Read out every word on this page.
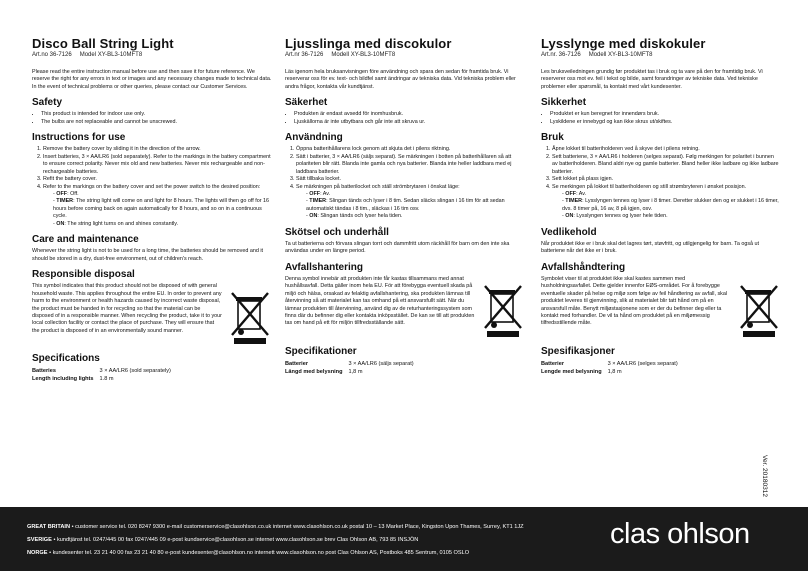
Disco Ball String Light
Art.no 36-7126 Model XY-BL3-10MFT8

Please read the entire instruction manual before use and then save it for future reference. We reserve the right for any errors in text or images and any necessary changes made to technical data. In the event of technical problems or other queries, please contact our Customer Services.

Safety
• This product is intended for indoor use only.
• The bulbs are not replaceable and cannot be unscrewed.
Instructions for use
1. Remove the battery cover by sliding it in the direction of the arrow.
2. Insert batteries, 3 × AA/LR6 (sold separately). Refer to the markings in the battery compartment to ensure correct polarity. Never mix old and new batteries. Never mix rechargeable and non-rechargeable batteries.
3. Refit the battery cover.
4. Refer to the markings on the battery cover and set the power switch to the desired position:
- OFF: Off.
- TIMER: The string light will come on and light for 8 hours. The lights will then go off for 16 hours before coming back on again automatically for 8 hours, and so on in a continuous cycle.
- ON: The string light turns on and shines constantly.
Care and maintenance

Whenever the string light is not to be used for a long time, the batteries should be removed and it should be stored in a dry, dust-free environment, out of children's reach.

Responsible disposal

This symbol indicates that this product should not be disposed of with general household waste. This applies throughout the entire EU. In order to prevent any harm to the environment or health hazards caused by incorrect waste disposal, the product must be handed in for recycling so that the material can be disposed of in a responsible manner. When recycling the product, take it to your local collection facility or contact the place of purchase. They will ensure that the product is disposed of in an environmentally sound manner.

Specifications
Batteries	3 × AA/LR6 (sold separately)
Length including lights	1.8 m
Ljusslinga med discokulor
Art.nr 36-7126 Modell XY-BL3-10MFT8

Läs igenom hela bruksanvisningen före användning och spara den sedan för framtida bruk. Vi reserverar oss för ev. text- och bildfel samt ändringar av tekniska data. Vid tekniska problem eller andra frågor, kontakta vår kundtjänst.

Säkerhet
• Produkten är endast avsedd för inomhusbruk.
• Ljuskällorna är inte utbytbara och går inte att skruva ur.
Användning
1. Öppna batterihållarens lock genom att skjuta det i pilens riktning.
2. Sätt i batterier, 3 × AA/LR6 (säljs separat). Se märkningen i botten på batterihållaren så att polariteten blir rätt. Blanda inte gamla och nya batterier. Blanda inte heller laddbara med ej laddbara batterier.
3. Sätt tillbaka locket.
4. Se märkningen på batterilocket och ställ strömbrytaren i önskat läge:
- OFF: Av.
- TIMER: Slingan tänds och lyser i 8 tim. Sedan släcks slingan i 16 tim för att sedan automatiskt tändas i 8 tim., släckas i 16 tim osv.
- ON: Slingan tänds och lyser hela tiden.
Skötsel och underhåll

Ta ut batterierna och förvara slingan torrt och dammfritt utom räckhåll för barn om den inte ska användas under en längre period.

Avfallshantering

Denna symbol innebär att produkten inte får kastas tillsammans med annat hushållsavfall. Detta gäller inom hela EU. För att förebygga eventuell skada på miljö och hälsa, orsakad av felaktig avfallshantering, ska produkten lämnas till återvinning så att materialet kan tas omhand på ett ansvarsfullt sätt. När du lämnar produkten till återvinning, använd dig av de returhanteringssystem som finns där du befinner dig eller kontakta inköpsstället. De kan se till att produkten tas om hand på ett för miljön tillfredsställande sätt.

Specifikationer
Batterier	3 × AA/LR6 (säljs separat)
Längd med belysning	1,8 m
Lysslynge med diskokuler
Art.nr. 36-7126 Modell XY-BL3-10MFT8

Les bruksveiledningen grundig før produktet tas i bruk og ta vare på den for framtidig bruk. Vi reserverer oss mot ev. feil i tekst og bilde, samt forandringer av tekniske data. Ved tekniske problemer eller spørsmål, ta kontakt med vårt kundesenter.

Sikkerhet
• Produktet er kun beregnet for innendørs bruk.
• Lyskildene er innebygd og kan ikke skrus ut/skiftes.
Bruk
1. Åpne lokket til batteriholderen ved å skyve det i pilens retning.
2. Sett batteriene, 3 × AA/LR6 i holderen (selges separat). Følg merkingen for polaritet i bunnen av batteriholderen. Bland aldri nye og gamle batterier. Bland heller ikke ladbare og ikke ladbare batterier.
3. Sett lokket på plass igjen.
4. Se merkingen på lokket til batteriholderen og still strømbryteren i ønsket posisjon.
- OFF: Av.
- TIMER: Lysslyngen tennes og lyser i 8 timer. Deretter slukker den og er slukket i 16 timer, dvs. 8 timer på, 16 av, 8 på igjen, osv.
- ON: Lysslyngen tennes og lyser hele tiden.
Vedlikehold

Når produktet ikke er i bruk skal det lagres tørt, støvfritt, og utilgjengelig for barn. Ta også ut batteriene når det ikke er i bruk.

Avfallshåndtering

Symbolet viser til at produktet ikke skal kastes sammen med husholdningsavfallet. Dette gjelder innenfor EØS-området. For å forebygge eventuelle skader på helse og miljø som følge av feil håndtering av avfall, skal produktet leveres til gjenvinning, slik at materialet blir tatt hånd om på en ansvarsfull måte. Benytt miljøstasjonene som er der du befinner deg eller ta kontakt med forhandler. De vil ta hånd om produktet på en miljømessig tilfredsstillende måte.

Spesifikasjoner
Batterier	3 × AA/LR6 (selges separat)
Lengde med belysning	1,8 m
Ver. 20180312
GREAT BRITAIN • customer service tel. 020 8247 9300 e-mail customerservice@clasohlson.co.uk internet www.clasohlson.co.uk postal 10 – 13 Market Place, Kingston Upon Thames, Surrey, KT1 1JZ
SVERIGE • kundtjänst tel. 0247/445 00 fax 0247/445 09 e-post kundservice@clasohlson.se internet www.clasohlson.se brev Clas Ohlson AB, 793 85 INSJÖN
NORGE • kundesenter tel. 23 21 40 00 fax 23 21 40 80 e-post kundesenter@clasohlson.no internett www.clasohlson.no post Clas Ohlson AS, Postboks 485 Sentrum, 0105 OSLO
clas ohlson
